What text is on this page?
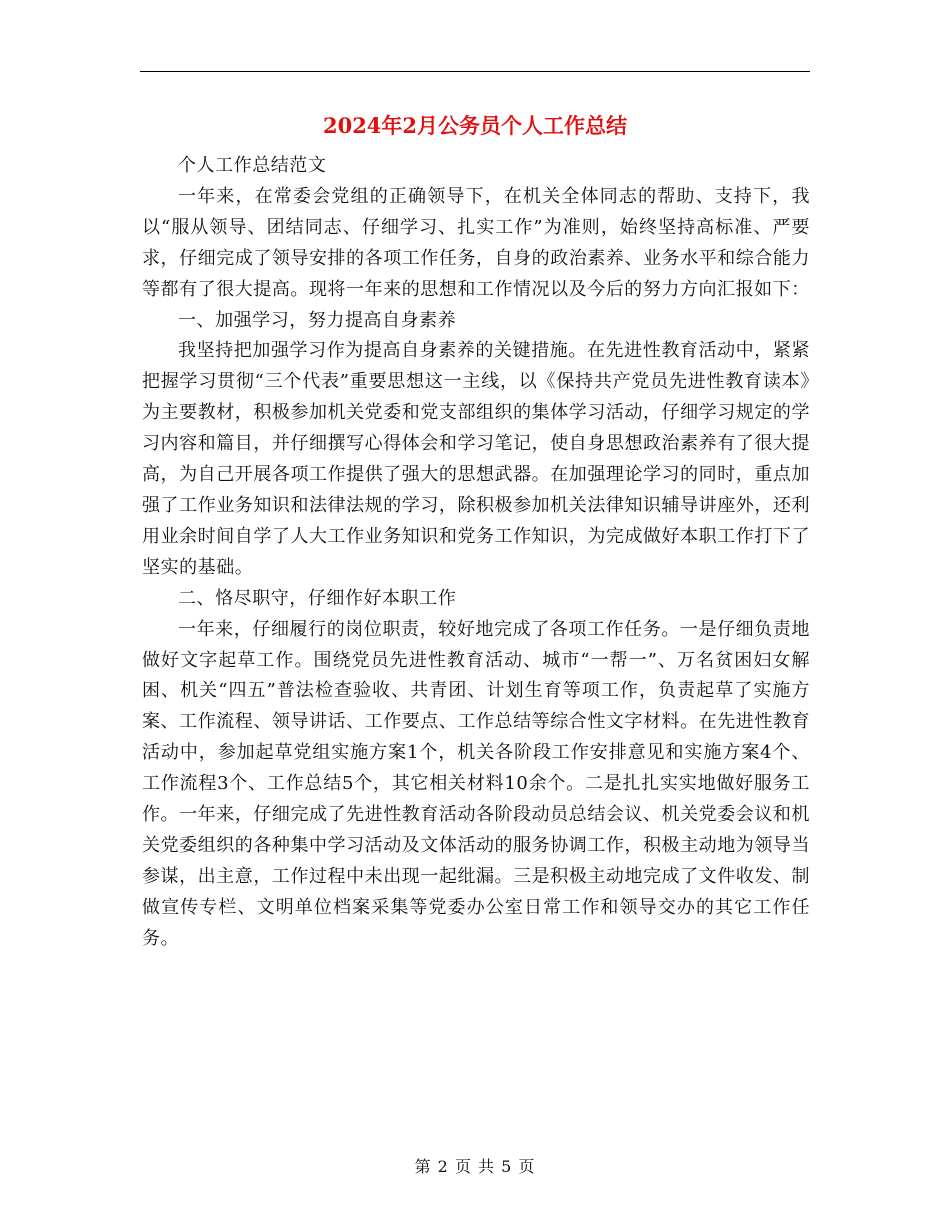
2024年2月公务员个人工作总结

个人工作总结范文

一年来，在常委会党组的正确领导下，在机关全体同志的帮助、支持下，我以“服从领导、团结同志、仔细学习、扎实工作”为准则，始终坚持高标准、严要求，仔细完成了领导安排的各项工作任务，自身的政治素养、业务水平和综合能力等都有了很大提高。现将一年来的思想和工作情况以及今后的努力方向汇报如下：

一、加强学习，努力提高自身素养

我坚持把加强学习作为提高自身素养的关键措施。在先进性教育活动中，紧紧把握学习贯彻“三个代表”重要思想这一主线，以《保持共产党员先进性教育读本》为主要教材，积极参加机关党委和党支部组织的集体学习活动，仔细学习规定的学习内容和篇目，并仔细撰写心得体会和学习笔记，使自身思想政治素养有了很大提高，为自己开展各项工作提供了强大的思想武器。在加强理论学习的同时，重点加强了工作业务知识和法律法规的学习，除积极参加机关法律知识辅导讲座外，还利用业余时间自学了人大工作业务知识和党务工作知识，为完成做好本职工作打下了坚实的基础。

二、恪尽职守，仔细作好本职工作

一年来，仔细履行的岗位职责，较好地完成了各项工作任务。一是仔细负责地做好文字起草工作。围绕党员先进性教育活动、城市“一帮一”、万名贫困妇女解困、机关“四五”普法检查验收、共青团、计划生育等项工作，负责起草了实施方案、工作流程、领导讲话、工作要点、工作总结等综合性文字材料。在先进性教育活动中，参加起草党组实施方案1个，机关各阶段工作安排意见和实施方案4个、工作流程3个、工作总结5个，其它相关材料10余个。二是扎扎实实地做好服务工作。一年来，仔细完成了先进性教育活动各阶段动员总结会议、机关党委会议和机关党委组织的各种集中学习活动及文体活动的服务协调工作，积极主动地为领导当参谋，出主意，工作过程中未出现一起纰漏。三是积极主动地完成了文件收发、制做宣传专栏、文明单位档案采集等党委办公室日常工作和领导交办的其它工作任务。

第 2 页 共 5 页
